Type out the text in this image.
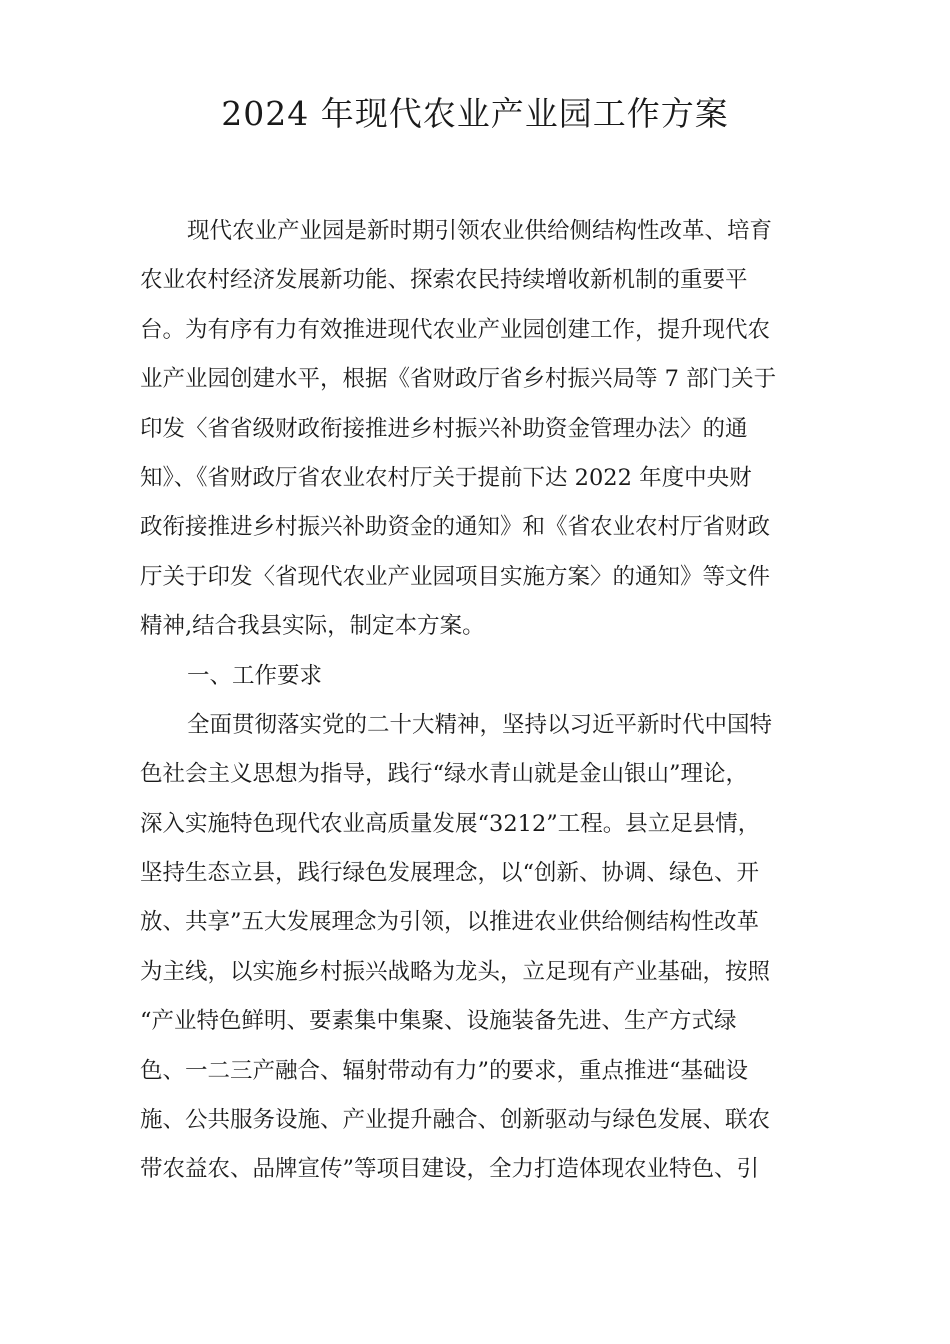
2024 年现代农业产业园工作方案
现代农业产业园是新时期引领农业供给侧结构性改革、培育
农业农村经济发展新功能、探索农民持续增收新机制的重要平
台。为有序有力有效推进现代农业产业园创建工作，提升现代农
业产业园创建水平，根据《省财政厅省乡村振兴局等 7 部门关于
印发〈省省级财政衔接推进乡村振兴补助资金管理办法〉的通
知》、《省财政厅省农业农村厅关于提前下达 2022 年度中央财
政衔接推进乡村振兴补助资金的通知》和《省农业农村厅省财政
厅关于印发〈省现代农业产业园项目实施方案〉的通知》等文件
精神,结合我县实际，制定本方案。
一、工作要求
全面贯彻落实党的二十大精神，坚持以习近平新时代中国特
色社会主义思想为指导，践行“绿水青山就是金山银山”理论，
深入实施特色现代农业高质量发展“3212”工程。县立足县情，
坚持生态立县，践行绿色发展理念，以“创新、协调、绿色、开
放、共享”五大发展理念为引领，以推进农业供给侧结构性改革
为主线，以实施乡村振兴战略为龙头，立足现有产业基础，按照
“产业特色鲜明、要素集中集聚、设施装备先进、生产方式绿
色、一二三产融合、辐射带动有力”的要求，重点推进“基础设
施、公共服务设施、产业提升融合、创新驱动与绿色发展、联农
带农益农、品牌宣传”等项目建设，全力打造体现农业特色、引
